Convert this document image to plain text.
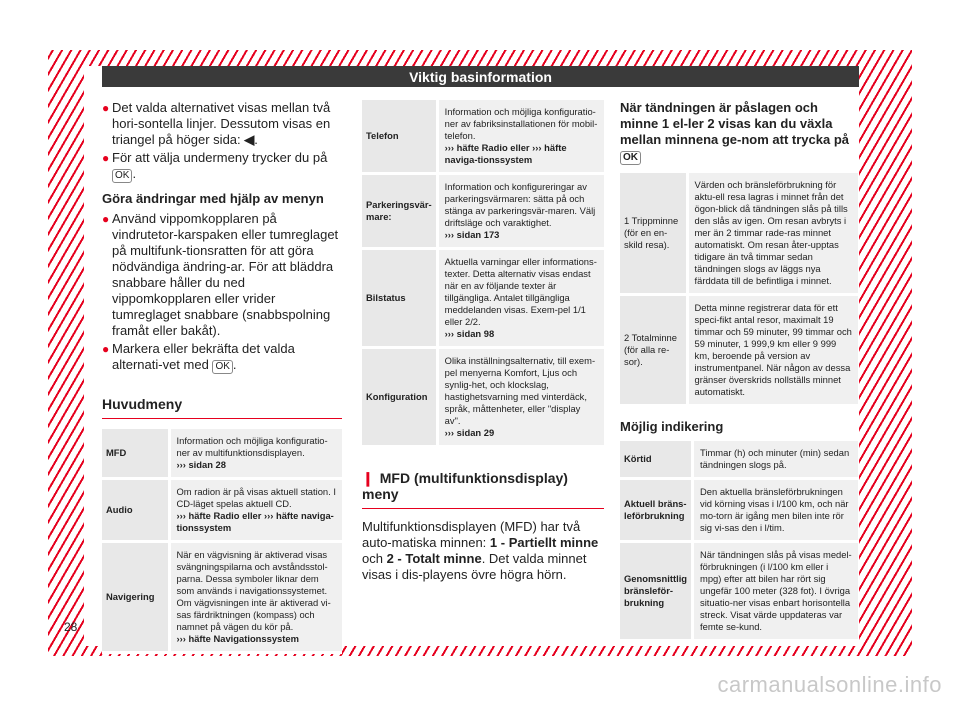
Viktig basinformation
● Det valda alternativet visas mellan två hori-sontella linjer. Dessutom visas en triangel på höger sida: ◀.
● För att välja undermeny trycker du på OK .
Göra ändringar med hjälp av menyn
● Använd vippomkopplaren på vindrutetor-karspaken eller tumreglaget på multifunk-tionsratten för att göra nödvändiga ändring-ar. För att bläddra snabbare håller du ned vippomkopplaren eller vrider tumreglaget snabbare (snabbspolning framåt eller bakåt).
● Markera eller bekräfta det valda alternati-vet med OK .
Huvudmeny
MFD	Information och möjliga konfiguratio-ner av multifunktionsdisplayen.
››› sidan 28
Audio	Om radion är på visas aktuell station. I CD-läget spelas aktuell CD.
››› häfte Radio eller ››› häfte naviga-tionssystem
Navigering	När en vägvisning är aktiverad visas svängningspilarna och avståndsstol-parna. Dessa symboler liknar dem som används i navigationssystemet. Om vägvisningen inte är aktiverad vi-sas färdriktningen (kompass) och namnet på vägen du kör på.
››› häfte Navigationssystem
Telefon	Information och möjliga konfiguratio-ner av fabriksinstallationen för mobil-telefon.
››› häfte Radio eller ››› häfte naviga-tionssystem
Parkeringsvär-mare:	Information och konfigureringar av parkeringsvärmaren: sätta på och stänga av parkeringsvär-maren. Välj driftsläge och varaktighet.
››› sidan 173
Bilstatus	Aktuella varningar eller informations-texter. Detta alternativ visas endast när en av följande texter är tillgängliga. Antalet tillgängliga meddelanden visas. Exem-pel 1/1 eller 2/2.
››› sidan 98
Konfiguration	Olika inställningsalternativ, till exem-pel menyerna Komfort, Ljus och synlig-het, och klockslag, hastighetsvarning med vinterdäck, språk, måttenheter, eller "display av".
››› sidan 29
❙ MFD (multifunktionsdisplay) meny

Multifunktionsdisplayen (MFD) har två auto-matiska minnen: 1 - Partiellt minne och 2 - Totalt minne. Det valda minnet visas i dis-playens övre högra hörn.

När tändningen är påslagen och minne 1 el-ler 2 visas kan du växla mellan minnena ge-nom att trycka på OK

1 Trippminne (för en en-skild resa).	Värden och bränsleförbrukning för aktu-ell resa lagras i minnet från det ögon-blick då tändningen slås på tills den slås av igen. Om resan avbryts i mer än 2 timmar rade-ras minnet automatiskt. Om resan åter-upptas tidigare än två timmar sedan tändningen slogs av läggs nya färddata till de befintliga i minnet.
2 Totalminne (för alla re-sor).	Detta minne registrerar data för ett speci-fikt antal resor, maximalt 19 timmar och 59 minuter, 99 timmar och 59 minuter, 1 999,9 km eller 9 999 km, beroende på version av instrumentpanel. När någon av dessa gränser överskrids nollställs minnet automatiskt.
Möjlig indikering
Körtid	Timmar (h) och minuter (min) sedan tändningen slogs på.
Aktuell bräns-leförbrukning	Den aktuella bränsleförbrukningen vid körning visas i l/100 km, och när mo-torn är igång men bilen inte rör sig vi-sas den i l/tim.
Genomsnittlig bränsleför-brukning	När tändningen slås på visas medel-förbrukningen (i l/100 km eller i mpg) efter att bilen har rört sig ungefär 100 meter (328 fot). I övriga situatio-ner visas enbart horisontella streck. Visat värde uppdateras var femte se-kund.
28
carmanualsonline.info
